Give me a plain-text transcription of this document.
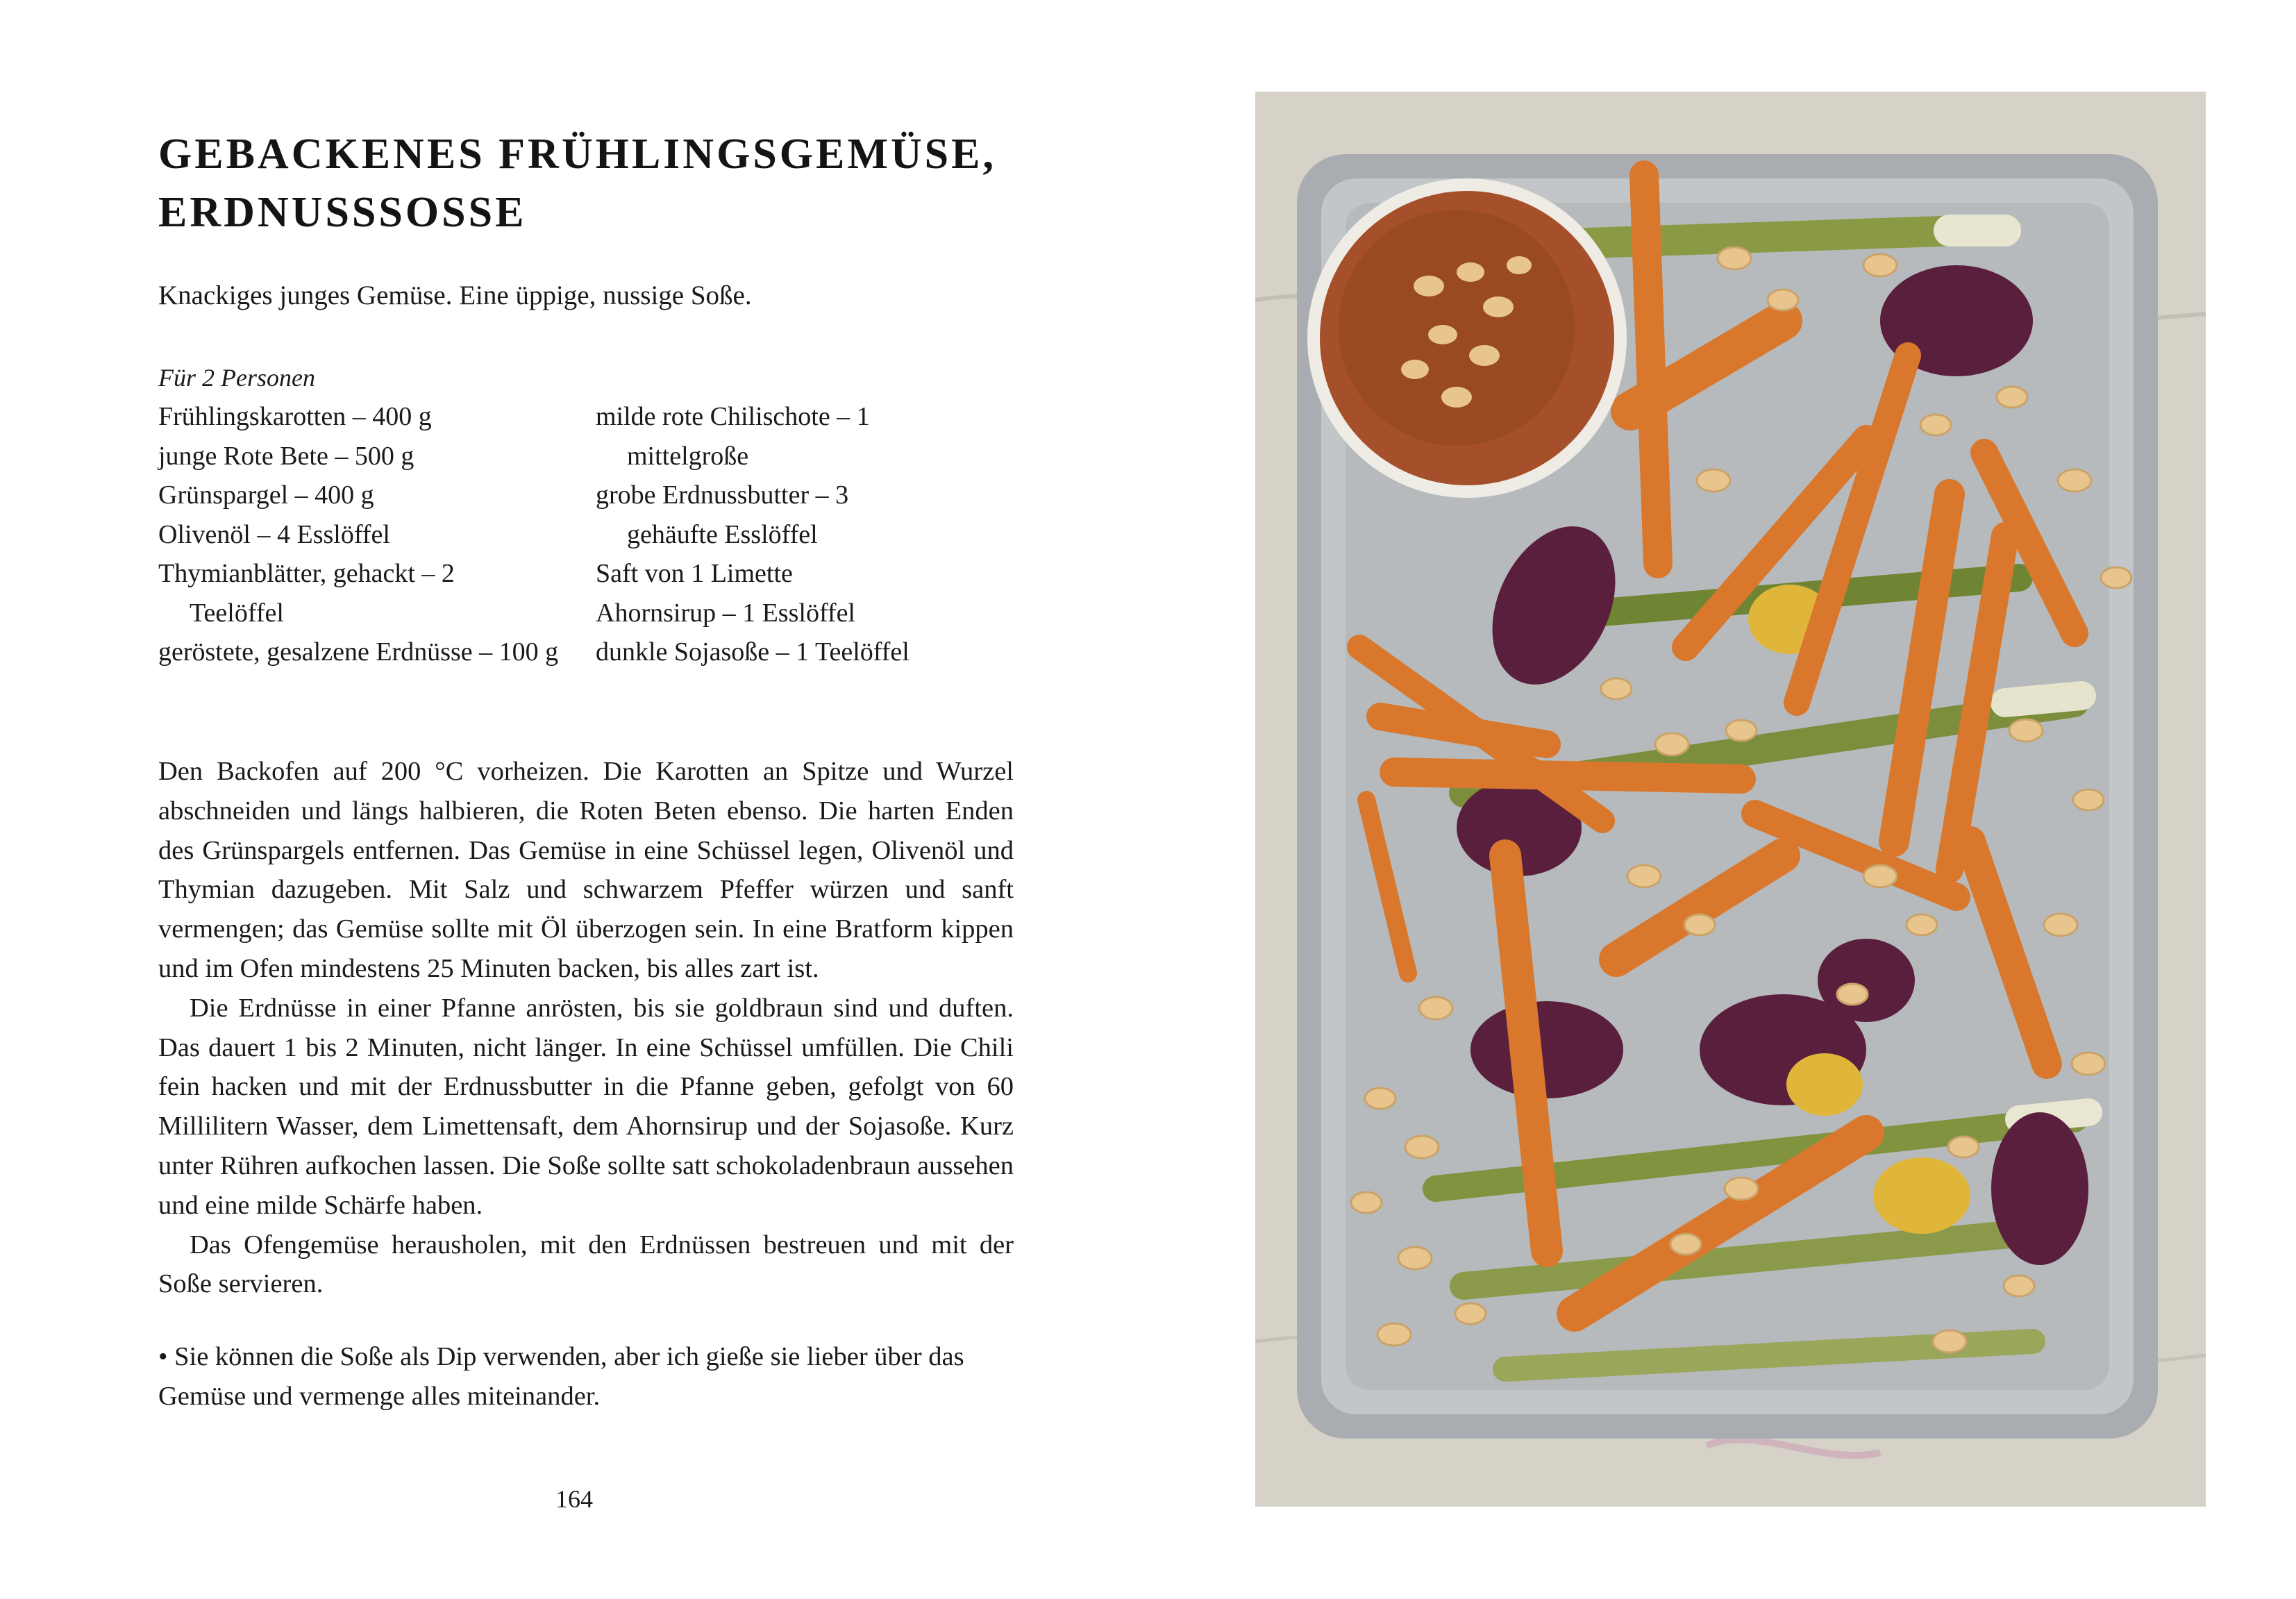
GEBACKENES FRÜHLINGSGEMÜSE,
ERDNUSSSOSSE

Knackiges junges Gemüse. Eine üppige, nussige Soße.

Für 2 Personen

Frühlingskarotten – 400 g
junge Rote Bete – 500 g
Grünspargel – 400 g
Olivenöl – 4 Esslöffel
Thymianblätter, gehackt – 2 Teelöffel
geröstete, gesalzene Erdnüsse – 100 g
milde rote Chilischote – 1 mittelgroße
grobe Erdnussbutter – 3 gehäufte Esslöffel
Saft von 1 Limette
Ahornsirup – 1 Esslöffel
dunkle Sojasoße – 1 Teelöffel

Den Backofen auf 200 °C vorheizen. Die Karotten an Spitze und Wurzel abschneiden und längs halbieren, die Roten Beten ebenso. Die harten Enden des Grünspargels entfernen. Das Gemüse in eine Schüssel legen, Olivenöl und Thymian dazugeben. Mit Salz und schwarzem Pfeffer würzen und sanft vermengen; das Gemüse sollte mit Öl überzogen sein. In eine Bratform kippen und im Ofen mindestens 25 Minuten backen, bis alles zart ist.

Die Erdnüsse in einer Pfanne anrösten, bis sie goldbraun sind und duften. Das dauert 1 bis 2 Minuten, nicht länger. In eine Schüssel umfüllen. Die Chili fein hacken und mit der Erdnussbutter in die Pfanne geben, gefolgt von 60 Millilitern Wasser, dem Limettensaft, dem Ahornsirup und der Sojasoße. Kurz unter Rühren aufkochen lassen. Die Soße sollte satt schokoladenbraun aussehen und eine milde Schärfe haben.

Das Ofengemüse herausholen, mit den Erdnüssen bestreuen und mit der Soße servieren.

• Sie können die Soße als Dip verwenden, aber ich gieße sie lieber über das Gemüse und vermenge alles miteinander.

164
